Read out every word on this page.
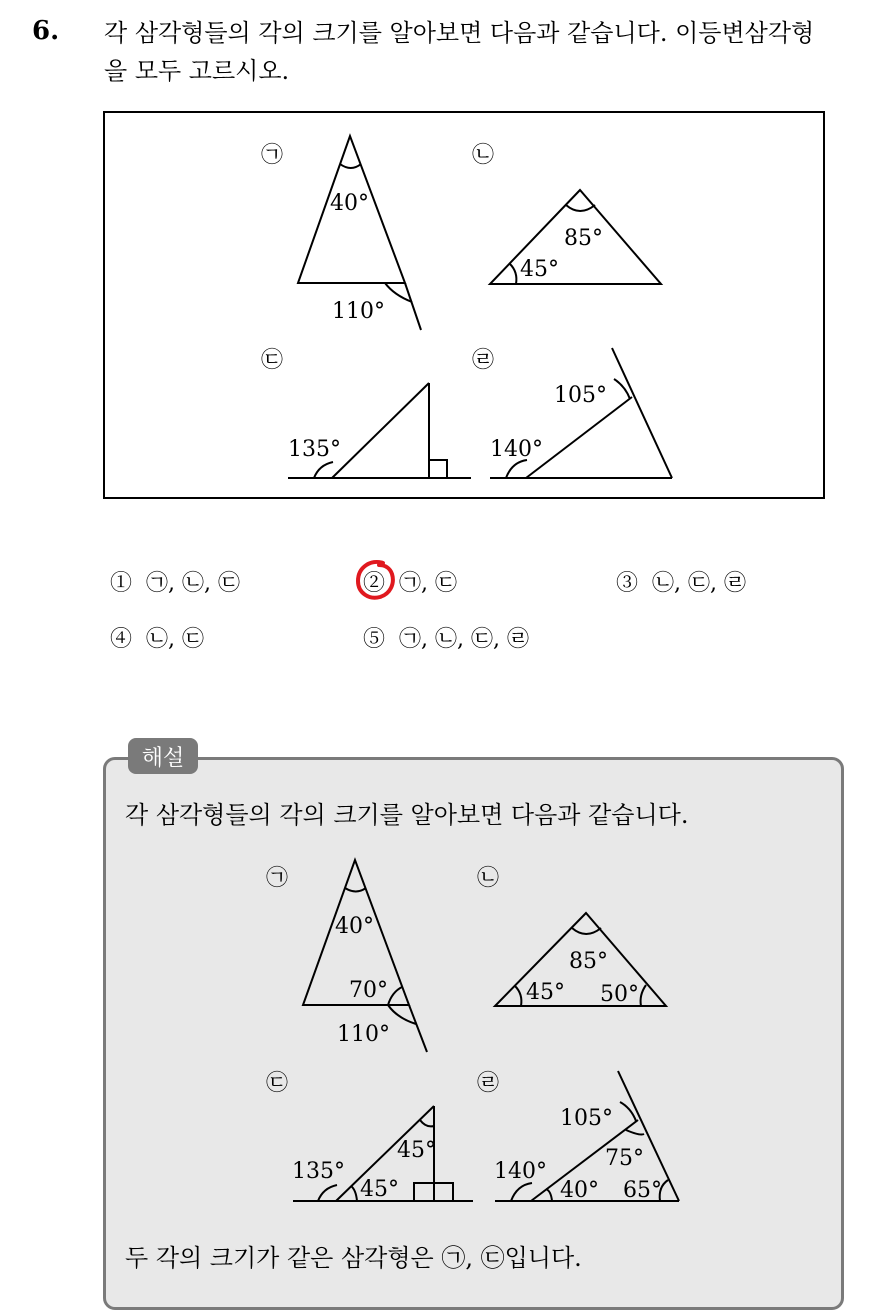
6. 각 삼각형들의 각의 크기를 알아보면 다음과 같습니다. 이등변삼각형
을 모두 고르시오.
㉠
40°
110°
㉡
85°
45°
㉢
135°
㉣
105°
140°
① ㉠, ㉡, ㉢	② ㉠, ㉢	③ ㉡, ㉢, ㉣
④ ㉡, ㉢	⑤ ㉠, ㉡, ㉢, ㉣
해설
각 삼각형들의 각의 크기를 알아보면 다음과 같습니다.
㉠
40°
70°
110°
㉡
85°
45° 50°
㉢
45°
135°
45°
㉣
105°
75°
140°
40° 65°
두 각의 크기가 같은 삼각형은 ㉠, ㉢입니다.
